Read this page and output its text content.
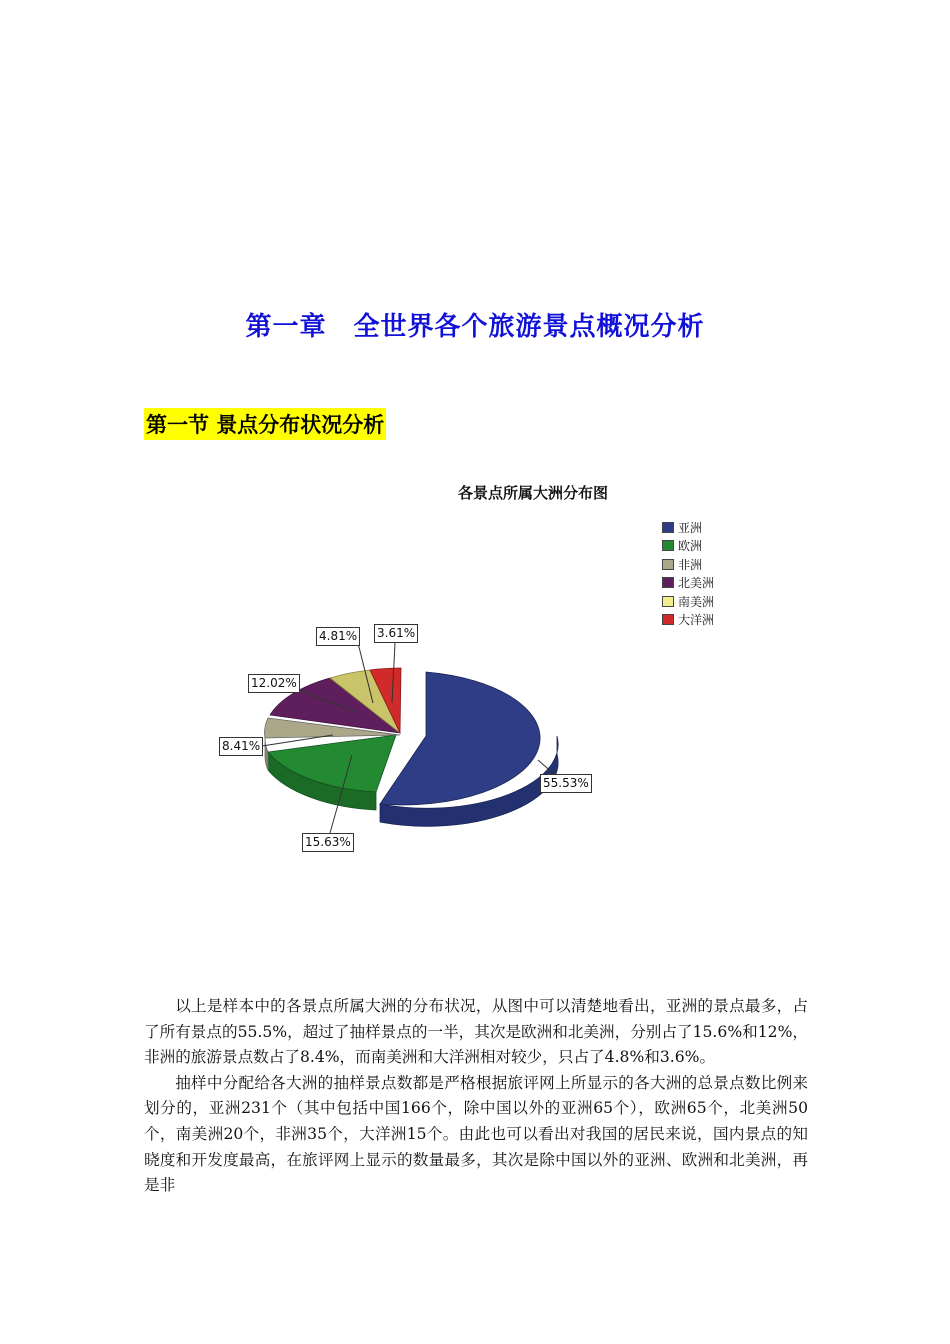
第一章　全世界各个旅游景点概况分析
第一节 景点分布状况分析
各景点所属大洲分布图
55.53%
15.63%
8.41%
12.02%
4.81% 3.61%
亚洲
欧洲
非洲
北美洲
南美洲
大洋洲

以上是样本中的各景点所属大洲的分布状况，从图中可以清楚地看出，亚洲的景点最多，占了所有景点的55.5%，超过了抽样景点的一半，其次是欧洲和北美洲，分别占了15.6%和12%，非洲的旅游景点数占了8.4%，而南美洲和大洋洲相对较少，只占了4.8%和3.6%。

抽样中分配给各大洲的抽样景点数都是严格根据旅评网上所显示的各大洲的总景点数比例来划分的，亚洲231个（其中包括中国166个，除中国以外的亚洲65个），欧洲65个，北美洲50个，南美洲20个，非洲35个，大洋洲15个。由此也可以看出对我国的居民来说，国内景点的知晓度和开发度最高，在旅评网上显示的数量最多，其次是除中国以外的亚洲、欧洲和北美洲，再是非
